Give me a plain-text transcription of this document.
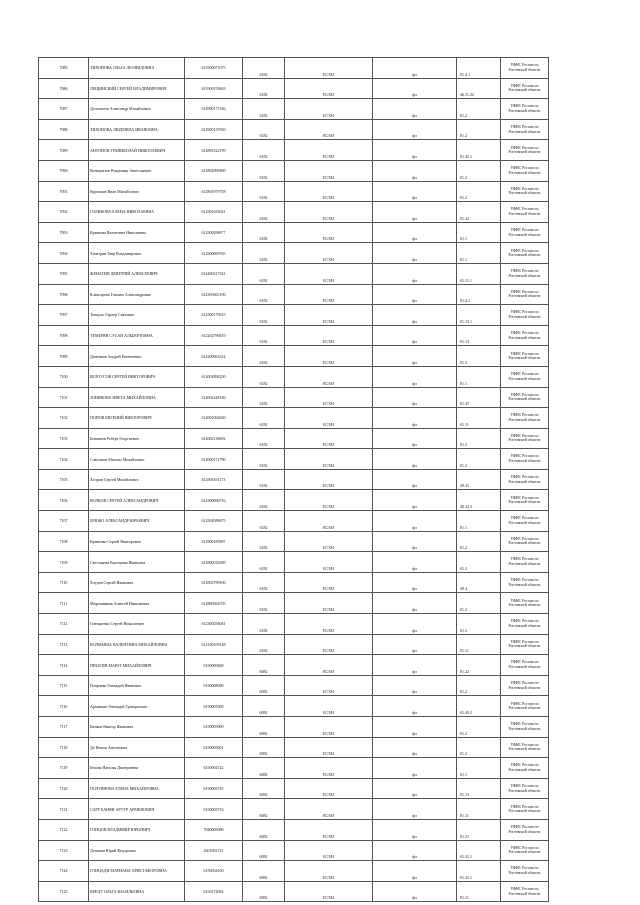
7085	ТИХОНОВА ОЛЬГА ЛЕОНИДОВНА	613500671075	6182	ЕСХН	фл	01.4.1	УФНС России по Ростовской области
7086	ЛЕЩИНСКИЙ СЕРГЕЙ ВЛАДИМИРОВИЧ	613500159463	6182	ЕСХН	фл	46.11.22	УФНС России по Ростовской области
7087	Долгошеев Александр Михайлович	612900171346	6182	ЕСХН	фл	01.2	УФНС России по Ростовской области
7088	ТИХОНОВА ЛЮДМИЛА ИВАНОВНА	612900137650	6182	ЕСХН	фл	01.2	УФНС России по Ростовской области
7089	АНТОНОВ ГРАНИКОЛАЙ НИКОЛАЕВИЧ	612891522199	6182	ЕСХН	фл	01.45.1	УФНС России по Ростовской области
7090	Венедиктов Владимир Анатольевич	612802095800	6182	ЕСХН	фл	01.2	УФНС России по Ростовской области
7091	Курочкин Иван Михайлович	612801979758	6182	ЕСХН	фл	01.2	УФНС России по Ростовской области
7092	ГОЛИКОВА ЕЛЕНА НИКОЛАЕВНА	612501633021	6182	ЕСХН	фл	01.42	УФНС России по Ростовской области
7093	Кравчова Валентина Николаевна	612500298677	6182	ЕСХН	фл	01.1	УФНС России по Ростовской области
7094	Хачатрян Тавр Владимирович	612500099765	6182	ЕСХН	фл	01.1	УФНС России по Ростовской области
7095	ЖЕНАТИН ДМИТРИЙ АЛЕКСЕЕВИЧ	612400317331	6182	ЕСХН	фл	01.11.1	УФНС России по Ростовской области
7096	Клаксарова Татьяна Александровна	612305665196	6182	ЕСХН	фл	01.4.1	УФНС России по Ростовской области
7097	Топцоло Гарлер Святович	612300179615	6182	ЕСХН	фл	01.13.1	УФНС России по Ростовской области
7098	ТЕМЕРЯН СУСАН АЛЬБЕРТОВНА	612202796819	6182	ЕСХН	фл	01.13	УФНС России по Ростовской области
7099	Деменков Андрей Евгеньевич	612200963314	6182	ЕСХН	фл	01.3	УФНС России по Ростовской области
7100	БЕЛОУСОВ СЕРГЕЙ ВИКТОРОВИЧ	612002894250	6182	ЕСХН	фл	01.1	УФНС России по Ростовской области
7101	ЗОНИКОВА ИВЕТА МИХАЙЛОВНА	612002248140	6182	ЕСХН	фл	01.47	УФНС России по Ростовской области
7102	ПОПОВ ЕВГЕНИЙ ВИКТОРОВИЧ	612001064630	6182	ЕСХН	фл	01.11	УФНС России по Ростовской области
7103	Бекмачев Роберт Георгиевич	612002136692	6182	ЕСХН	фл	01.2	УФНС России по Ростовской области
7104	Слюсанов Михаил Михайлович	612000172790	6182	ЕСХН	фл	01.2	УФНС России по Ростовской области
7105	Холрин Сергей Михайлович	612001631173	6182	ЕСХН	фл	49.41	УФНС России по Ростовской области
7106	ВОЛКОВ СЕРГЕЙ АЛЕКСАНДРОВИЧ	612300096716	6182	ЕСХН	фл	46.32.3	УФНС России по Ростовской области
7107	БРЮКО АЛЕКСАНДР ЮРЬЕВИЧ	612504589675	6182	ЕСХН	фл	01.1	УФНС России по Ростовской области
7108	Кривенко Сергей Викторович	612900183907	6182	ЕСХН	фл	01.2	УФНС России по Ростовской области
7109	Светлакова Екатерина Ивановна	612900534389	6182	ЕСХН	фл	01.2	УФНС России по Ростовской области
7110	Хлудов Сергей Иванович	612902799106	6182	ЕСХН	фл	49.4	УФНС России по Ростовской области
7111	Мирошников Алексей Николаевич	612800364705	6182	ЕСХН	фл	01.2	УФНС России по Ростовской области
7112	Гончаренко Сергей Николаевич	612300256041	6182	ЕСХН	фл	01.2	УФНС России по Ростовской области
7113	КОЛМЫША ВАЛЕНТИНА МИХАЙЛОВНА	612100109148	6182	ЕСХН	фл	01.11	УФНС России по Ростовской области
7114	ПРАЗГИН МАРАТ МИХАЙЛОВИЧ	6150009460	6082	ЕСХН	фл	01.22	УФНС России по Ростовской области
7115	Поправко Геннадий Иванович	6150008690	6082	ЕСХН	фл	01.2	УФНС России по Ростовской области
7116	Архипкин Геннадий Григорьевич	6150007609	6082	ЕСХН	фл	01.49.2	УФНС России по Ростовской области
7117	Бинков Виктор Иванович	6150005909	6082	ЕСХН	фл	01.2	УФНС России по Ростовской области
7118	Де Невеш Антонович	6150005001	6082	ЕСХН	фл	01.2	УФНС России по Ростовской области
7119	Бекова Наталья Дмитриевна	6150004722	6082	ЕСХН	фл	01.1	УФНС России по Ростовской области
7120	ПОЛУЯНОВА ЕЛЕНА МИХАЙЛОВНА	6150003745	6082	ЕСХН	фл	01.13	УФНС России по Ростовской области
7121	САРУХАНЯН АРТУР АРМЕНОВИЧ	6150003716	6082	ЕСХН	фл	01.11	УФНС России по Ростовской области
7122	ГОНЦОВ ВЛАДИМИР ЮРЬЕВИЧ	7040005080	6082	ЕСХН	фл	01.21	УФНС России по Ростовской области
7123	Лунькин Юрий Федорович	2601902721	6082	ЕСХН	фл	01.41.1	УФНС России по Ростовской области
7124	ГОНЦАДИ МАРИАНА ХРИСТАФОРОВНА	6150034100	6082	ЕСХН	фл	01.41.1	УФНС России по Ростовской области
7125	КРЕЦУ ОЛЬГА ВАСИЛЬЕВНА	6150174084	6082	ЕСХН	фл	01.11	УФНС России по Ростовской области
